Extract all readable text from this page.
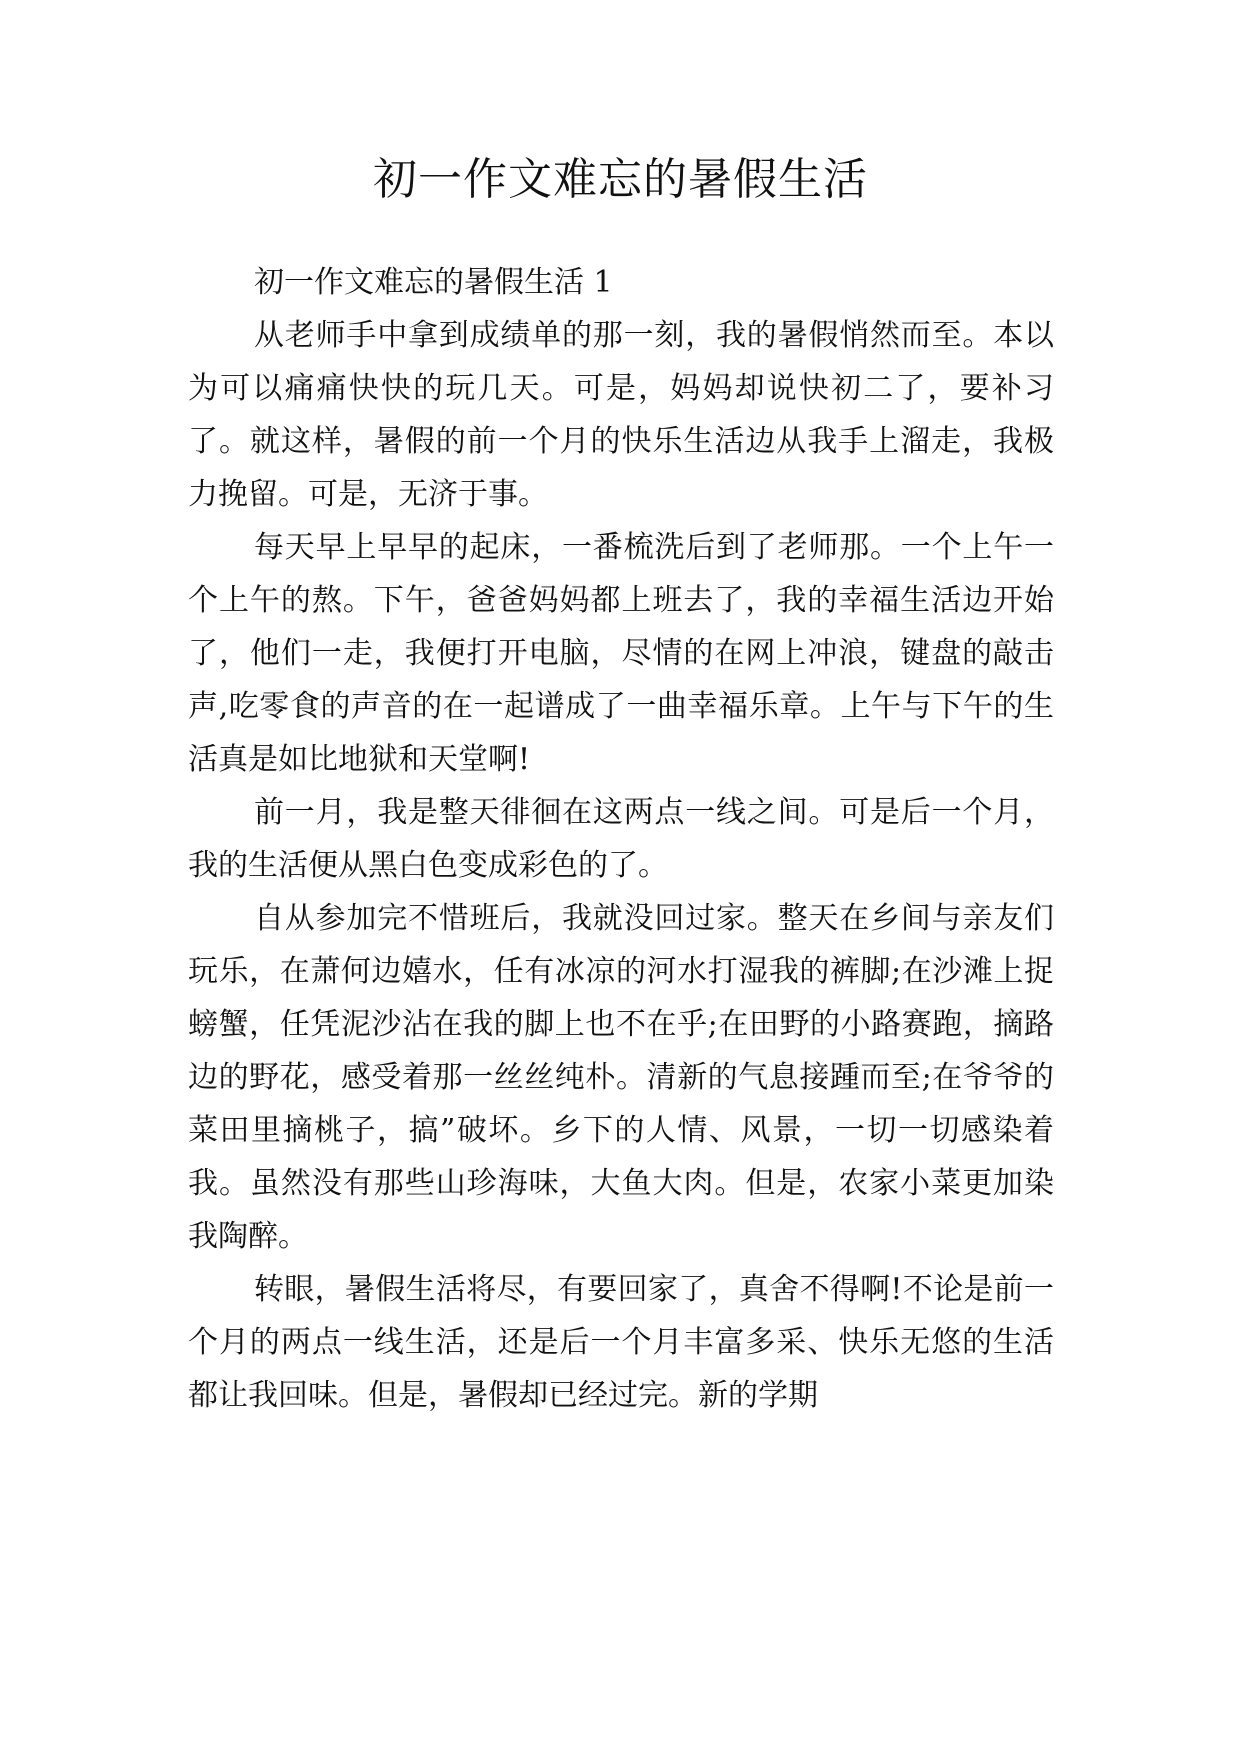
初一作文难忘的暑假生活

初一作文难忘的暑假生活 1

从老师手中拿到成绩单的那一刻，我的暑假悄然而至。本以为可以痛痛快快的玩几天。可是，妈妈却说快初二了，要补习了。就这样，暑假的前一个月的快乐生活边从我手上溜走，我极力挽留。可是，无济于事。

每天早上早早的起床，一番梳洗后到了老师那。一个上午一个上午的熬。下午，爸爸妈妈都上班去了，我的幸福生活边开始了，他们一走，我便打开电脑，尽情的在网上冲浪，键盘的敲击声,吃零食的声音的在一起谱成了一曲幸福乐章。上午与下午的生活真是如比地狱和天堂啊!

前一月，我是整天徘徊在这两点一线之间。可是后一个月，我的生活便从黑白色变成彩色的了。

自从参加完不惜班后，我就没回过家。整天在乡间与亲友们玩乐，在萧何边嬉水，任有冰凉的河水打湿我的裤脚;在沙滩上捉螃蟹，任凭泥沙沾在我的脚上也不在乎;在田野的小路赛跑，摘路边的野花，感受着那一丝丝纯朴。清新的气息接踵而至;在爷爷的菜田里摘桃子，搞”破坏。乡下的人情、风景，一切一切感染着我。虽然没有那些山珍海味，大鱼大肉。但是，农家小菜更加染我陶醉。

转眼，暑假生活将尽，有要回家了，真舍不得啊!不论是前一个月的两点一线生活，还是后一个月丰富多采、快乐无悠的生活都让我回味。但是，暑假却已经过完。新的学期
